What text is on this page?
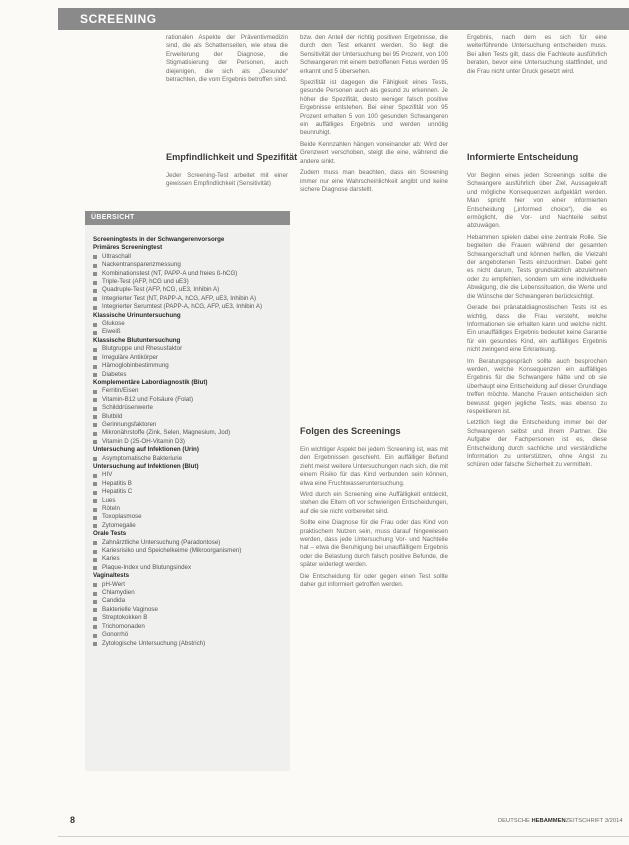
SCREENING

rationalen Aspekte der Präventivmedizin sind, die als Schattenseiten, wie etwa die Erweiterung der Diagnose, die Stigmatisierung der Personen, auch diejenigen, die sich als „Gesunde“ betrachten, die vom Ergebnis betroffen sind.

Empfindlichkeit und Spezifität

Jeder Screening-Test arbeitet mit einer gewissen Empfindlichkeit (Sensitivität)

ÜBERSICHT
Screeningtests in der Schwangerenvorsorge
Primäres Screeningtest
Ultraschall
Nackentransparenzmessung
Kombinationstest (NT, PAPP-A und freies ß-hCG)
Triple-Test (AFP, hCG und uE3)
Quadruple-Test (AFP, hCG, uE3, Inhibin A)
Integrierter Test (NT, PAPP-A, hCG, AFP, uE3, Inhibin A)
Integrierter Serumtest (PAPP-A, hCG, AFP, uE3, Inhibin A)
Klassische Urinuntersuchung
Glukose
Eiweiß
Klassische Blutuntersuchung
Blutgruppe und Rhesusfaktor
Irreguläre Antikörper
Hämoglobinbestimmung
Diabetes
Komplementäre Labordiagnostik (Blut)
Ferritin/Eisen
Vitamin-B12 und Folsäure (Folat)
Schilddrüsenwerte
Blutbild
Gerinnungsfaktoren
Mikronährstoffe (Zink, Selen, Magnesium, Jod)
Vitamin D (25-OH-Vitamin D3)
Untersuchung auf Infektionen (Urin)
Asymptomatische Bakteriurie
Untersuchung auf Infektionen (Blut)
HIV
Hepatitis B
Hepatitis C
Lues
Röteln
Toxoplasmose
Zytomegalie
Orale Tests
Zahnärztliche Untersuchung (Paradontose)
Kariesrisiko und Speichelkeime (Mikroorganismen)
Karies
Plaque-Index und Blutungsindex
Vaginaltests
pH-Wert
Chlamydien
Candida
Bakterielle Vaginose
Streptokokken B
Trichomonaden
Gonorrhö
Zytologische Untersuchung (Abstrich)

bzw. den Anteil der richtig positiven Ergebnisse, die durch den Test erkannt werden. So liegt die Sensitivität der Untersuchung bei 95 Prozent, von 100 Schwangeren mit einem betroffenen Fetus werden 95 erkannt und 5 übersehen.

Spezifität ist dagegen die Fähigkeit eines Tests, gesunde Personen auch als gesund zu erkennen. Je höher die Spezifität, desto weniger falsch positive Ergebnisse entstehen. Bei einer Spezifität von 95 Prozent erhalten 5 von 100 gesunden Schwangeren ein auffälliges Ergebnis und werden unnötig beunruhigt.

Beide Kennzahlen hängen voneinander ab: Wird der Grenzwert verschoben, steigt die eine, während die andere sinkt.

Zudem muss man beachten, dass ein Screening immer nur eine Wahrscheinlichkeit angibt und keine sichere Diagnose darstellt.

Folgen des Screenings

Ein wichtiger Aspekt bei jedem Screening ist, was mit den Ergebnissen geschieht. Ein auffälliger Befund zieht meist weitere Untersuchungen nach sich, die mit einem Risiko für das Kind verbunden sein können, etwa eine Fruchtwasseruntersuchung.

Wird durch ein Screening eine Auffälligkeit entdeckt, stehen die Eltern oft vor schwierigen Entscheidungen, auf die sie nicht vorbereitet sind.

Sollte eine Diagnose für die Frau oder das Kind von praktischem Nutzen sein, muss darauf hingewiesen werden, dass jede Untersuchung Vor- und Nachteile hat – etwa die Beruhigung bei unauffälligem Ergebnis oder die Belastung durch falsch positive Befunde, die später widerlegt werden.

Die Entscheidung für oder gegen einen Test sollte daher gut informiert getroffen werden.

Ergebnis, nach dem es sich für eine weiterführende Untersuchung entscheiden muss. Bei allen Tests gilt, dass die Fachleute ausführlich beraten, bevor eine Untersuchung stattfindet, und die Frau nicht unter Druck gesetzt wird.

Informierte Entscheidung

Vor Beginn eines jeden Screenings sollte die Schwangere ausführlich über Ziel, Aussagekraft und mögliche Konsequenzen aufgeklärt werden. Man spricht hier von einer informierten Entscheidung („informed choice“), die es ermöglicht, die Vor- und Nachteile selbst abzuwägen.

Hebammen spielen dabei eine zentrale Rolle. Sie begleiten die Frauen während der gesamten Schwangerschaft und können helfen, die Vielzahl der angebotenen Tests einzuordnen. Dabei geht es nicht darum, Tests grundsätzlich abzulehnen oder zu empfehlen, sondern um eine individuelle Abwägung, die die Lebenssituation, die Werte und die Wünsche der Schwangeren berücksichtigt.

Gerade bei pränataldiagnostischen Tests ist es wichtig, dass die Frau versteht, welche Informationen sie erhalten kann und welche nicht. Ein unauffälliges Ergebnis bedeutet keine Garantie für ein gesundes Kind, ein auffälliges Ergebnis nicht zwingend eine Erkrankung.

Im Beratungsgespräch sollte auch besprochen werden, welche Konsequenzen ein auffälliges Ergebnis für die Schwangere hätte und ob sie überhaupt eine Entscheidung auf dieser Grundlage treffen möchte. Manche Frauen entscheiden sich bewusst gegen jegliche Tests, was ebenso zu respektieren ist.

Letztlich liegt die Entscheidung immer bei der Schwangeren selbst und ihrem Partner. Die Aufgabe der Fachpersonen ist es, diese Entscheidung durch sachliche und verständliche Information zu unterstützen, ohne Angst zu schüren oder falsche Sicherheit zu vermitteln.

8	DEUTSCHE HEBAMMENZEITSCHRIFT 3/2014
